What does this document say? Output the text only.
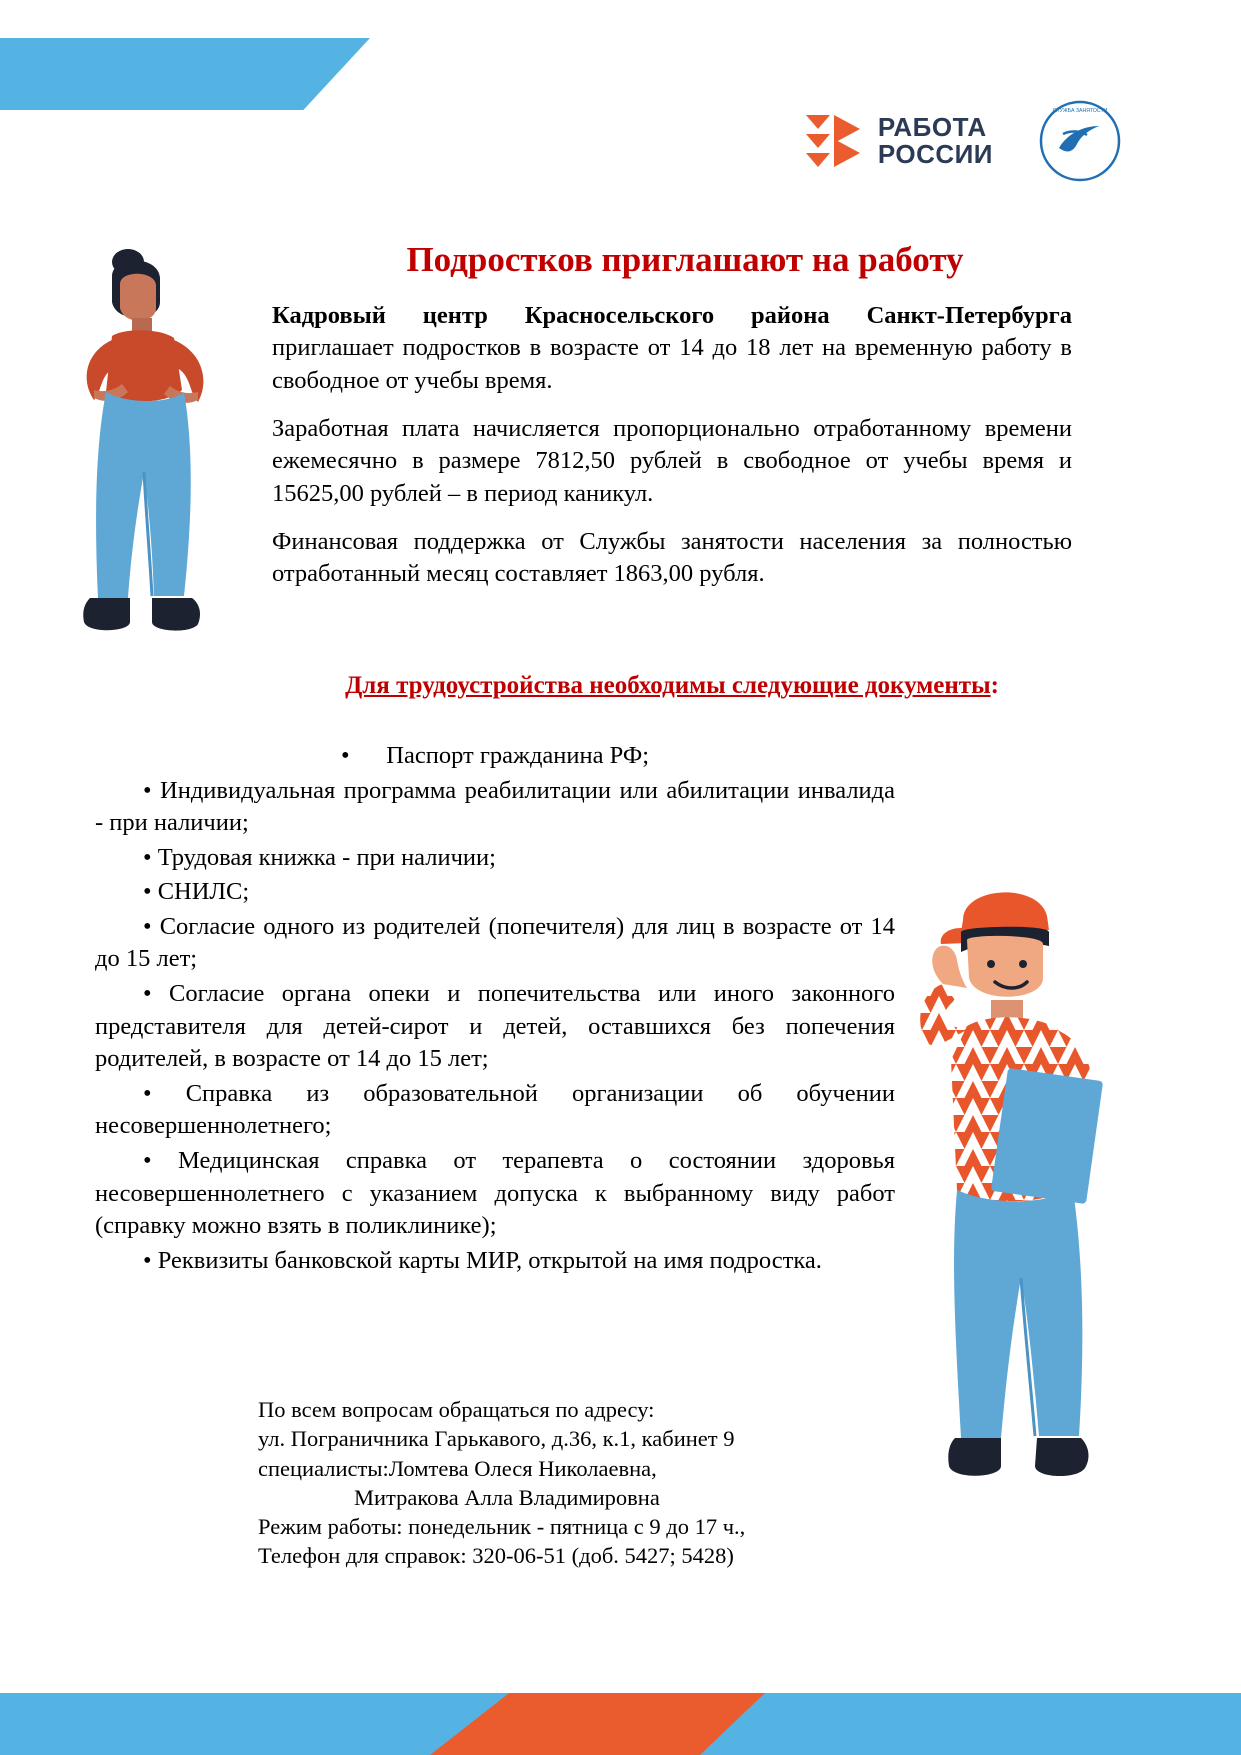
РАБОТА
РОССИИ
СЛУЖБА ЗАНЯТОСТИ
Подростков приглашают на работу

Кадровый центр Красносельского района Санкт-Петербурга приглашает подростков в возрасте от 14 до 18 лет на временную работу в свободное от учебы время.

Заработная плата начисляется пропорционально отработанному времени ежемесячно в размере 7812,50 рублей в свободное от учебы время и 15625,00 рублей – в период каникул.

Финансовая поддержка от Службы занятости населения за полностью отработанный месяц составляет 1863,00 рубля.

Для трудоустройства необходимы следующие документы:
•  Паспорт гражданина РФ;
• Индивидуальная программа реабилитации или абилитации инвалида - при наличии;
• Трудовая книжка - при наличии;
• СНИЛС;
• Согласие одного из родителей (попечителя) для лиц в возрасте от 14 до 15 лет;
• Согласие органа опеки и попечительства или иного законного представителя для детей-сирот и детей, оставшихся без попечения родителей, в возрасте от 14 до 15 лет;
• Справка из образовательной организации об обучении несовершеннолетнего;
• Медицинская справка от терапевта о состоянии здоровья несовершеннолетнего с указанием допуска к выбранному виду работ (справку можно взять в поликлинике);
• Реквизиты банковской карты МИР, открытой на имя подростка.
По всем вопросам обращаться по адресу:
ул. Пограничника Гарькавого, д.36, к.1, кабинет 9
специалисты:Ломтева Олеся Николаевна,
Митракова Алла Владимировна
Режим работы: понедельник - пятница с 9 до 17 ч.,
Телефон для справок: 320-06-51 (доб. 5427; 5428)
